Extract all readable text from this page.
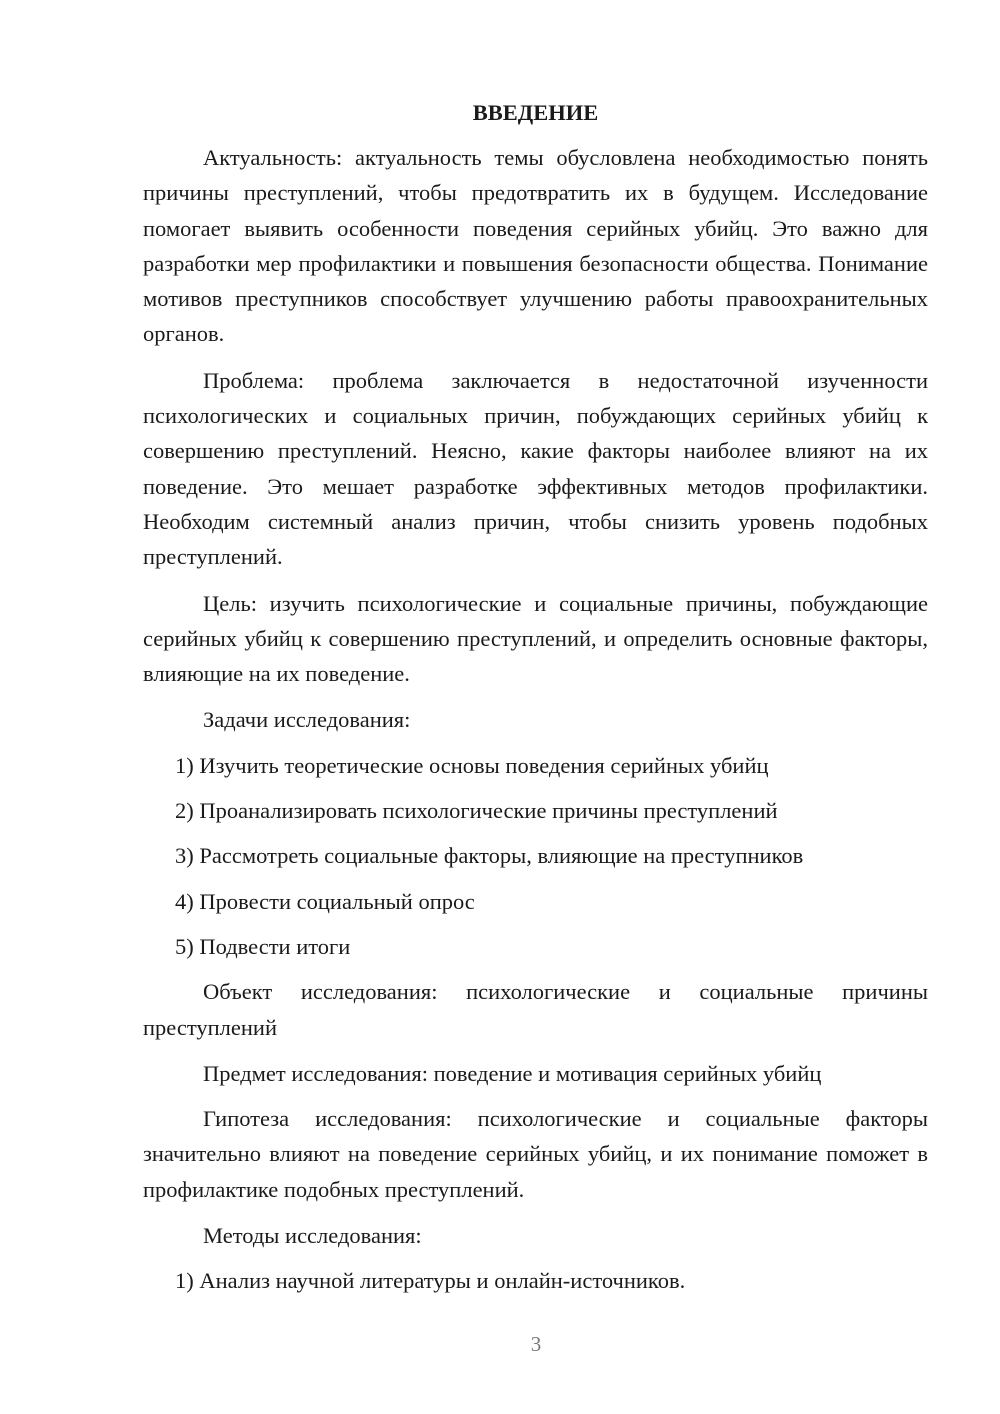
ВВЕДЕНИЕ

Актуальность: актуальность темы обусловлена необходимостью понять причины преступлений, чтобы предотвратить их в будущем. Исследование помогает выявить особенности поведения серийных убийц. Это важно для разработки мер профилактики и повышения безопасности общества. Понимание мотивов преступников способствует улучшению работы правоохранительных органов.

Проблема: проблема заключается в недостаточной изученности психологических и социальных причин, побуждающих серийных убийц к совершению преступлений. Неясно, какие факторы наиболее влияют на их поведение. Это мешает разработке эффективных методов профилактики. Необходим системный анализ причин, чтобы снизить уровень подобных преступлений.

Цель: изучить психологические и социальные причины, побуждающие серийных убийц к совершению преступлений, и определить основные факторы, влияющие на их поведение.

Задачи исследования:

1) Изучить теоретические основы поведения серийных убийц
2) Проанализировать психологические причины преступлений
3) Рассмотреть социальные факторы, влияющие на преступников
4) Провести социальный опрос
5) Подвести итоги

Объект исследования: психологические и социальные причины преступлений

Предмет исследования: поведение и мотивация серийных убийц

Гипотеза исследования: психологические и социальные факторы значительно влияют на поведение серийных убийц, и их понимание поможет в профилактике подобных преступлений.

Методы исследования:

1) Анализ научной литературы и онлайн-источников.
3
